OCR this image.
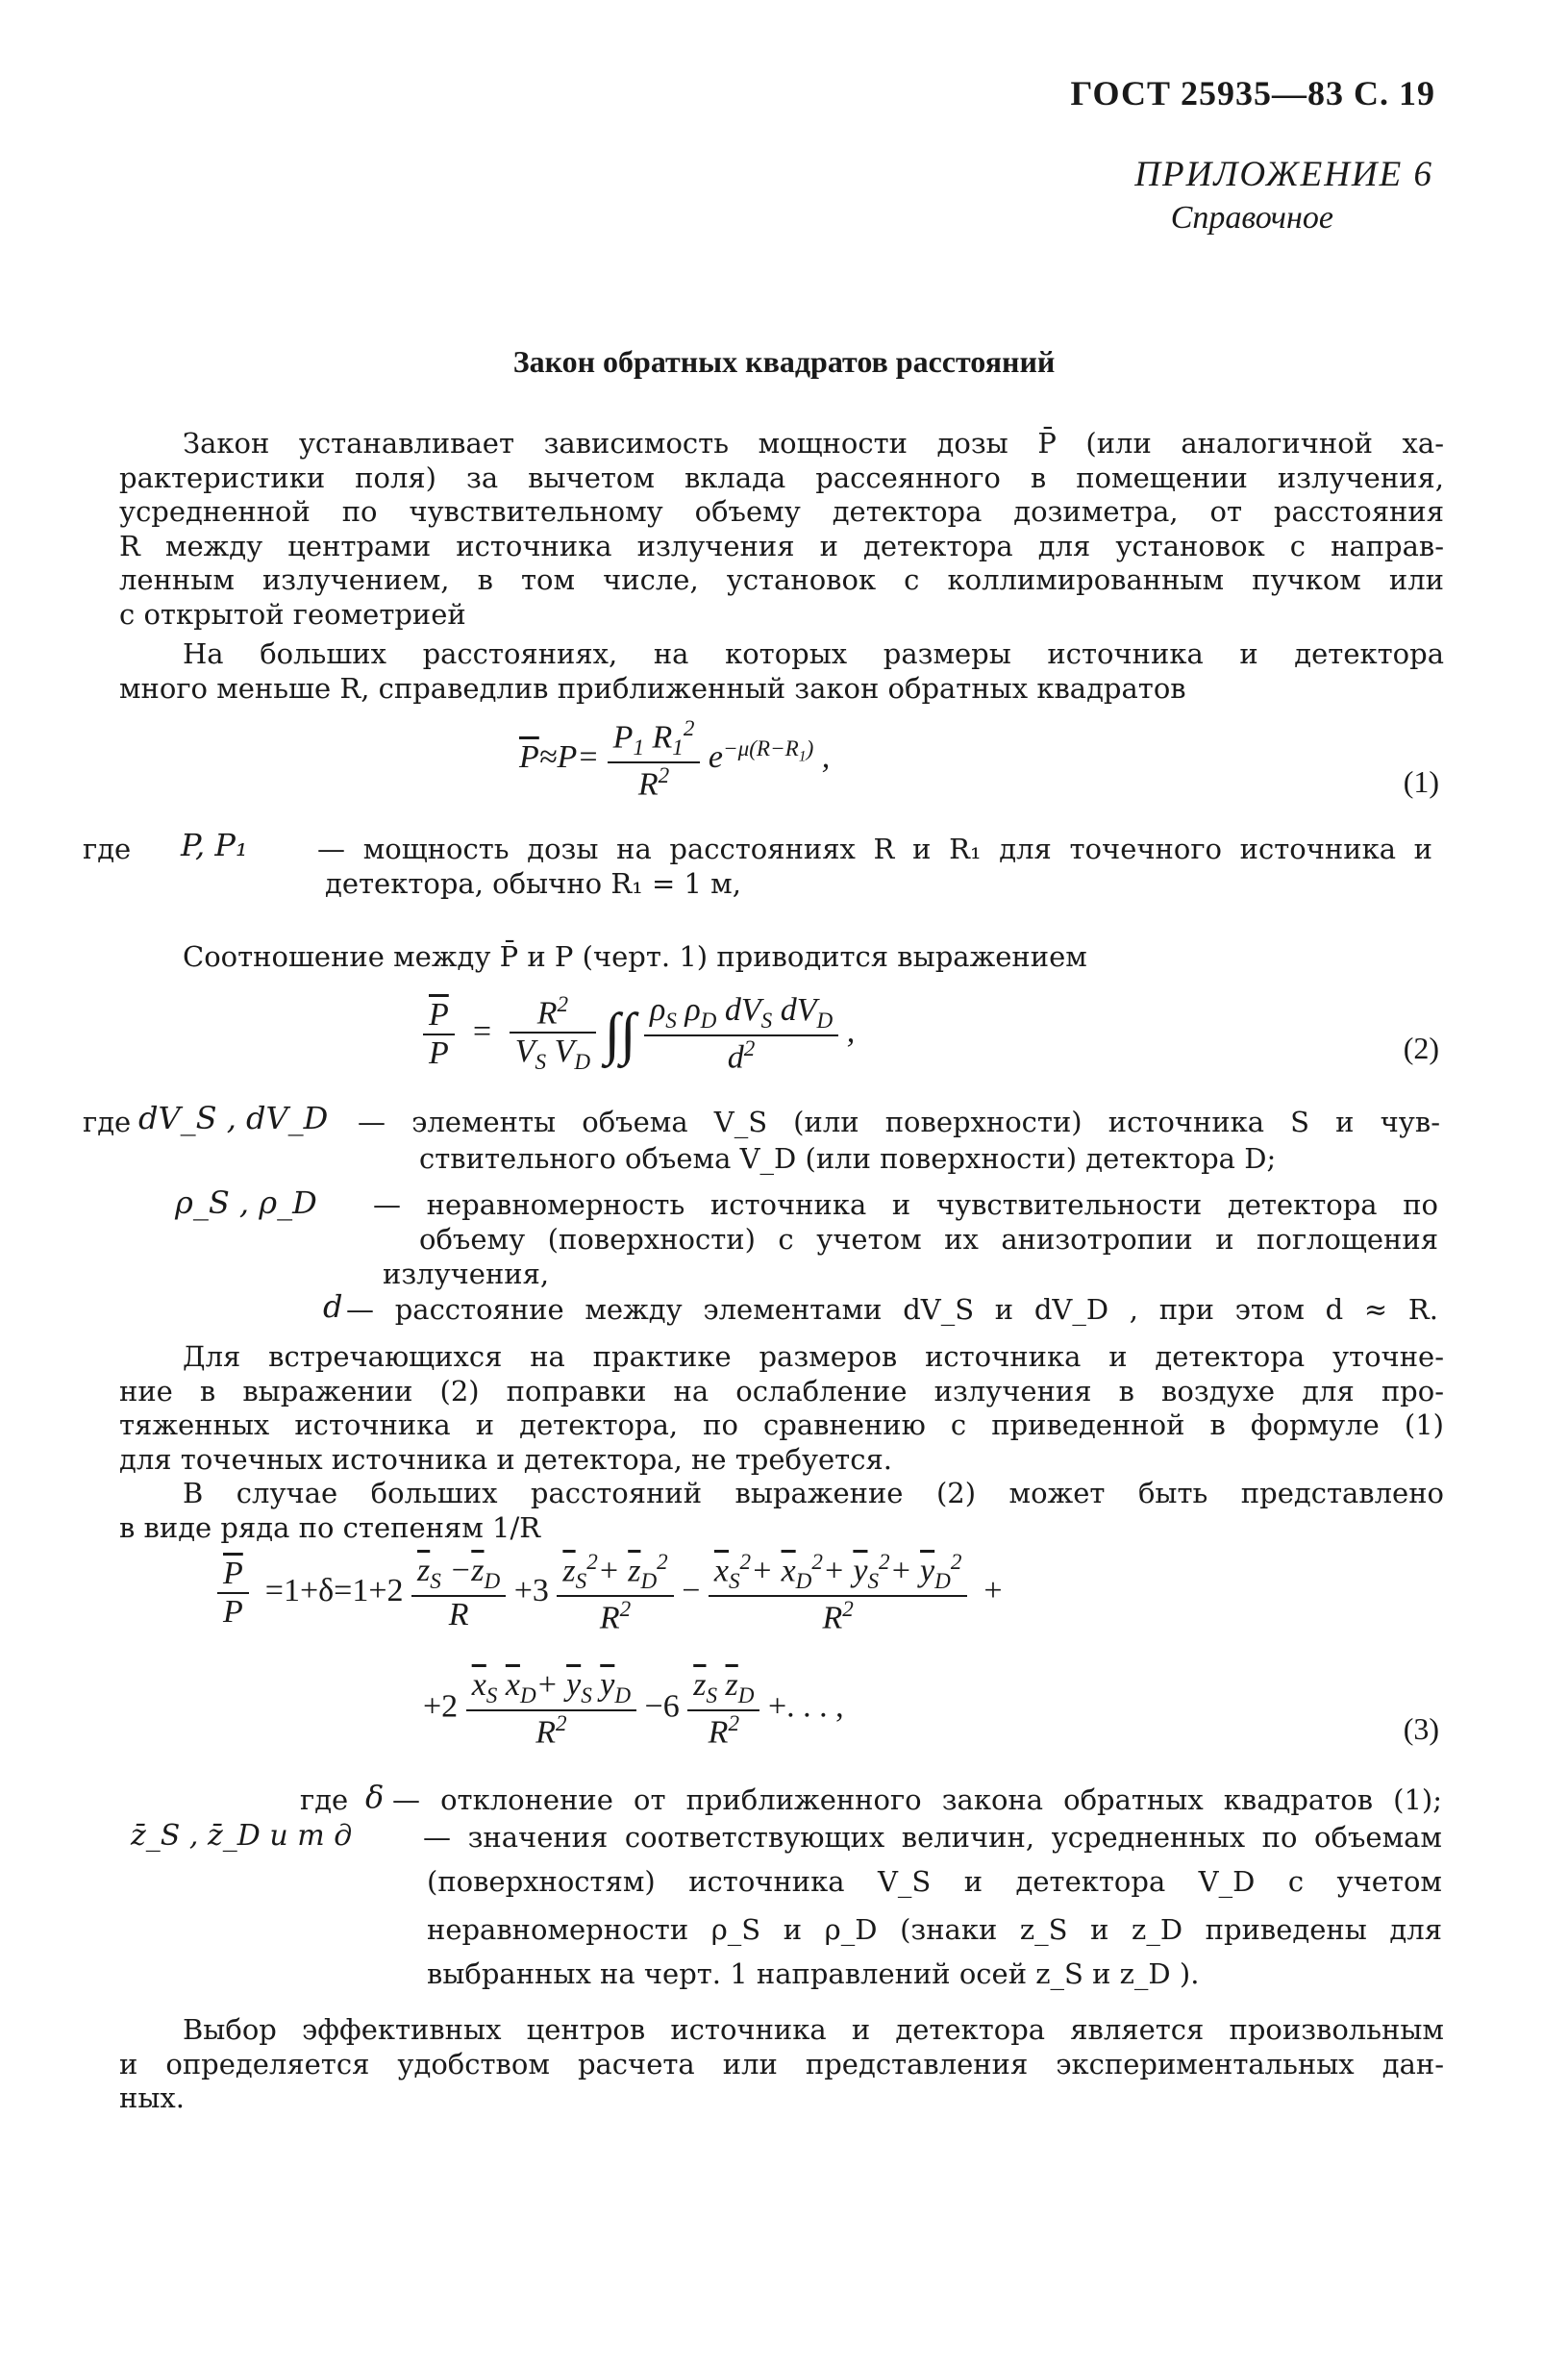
ГОСТ 25935—83 С. 19
ПРИЛОЖЕНИЕ 6
Справочное
Закон обратных квадратов расстояний
Закон устанавливает зависимость мощности дозы P̄ (или аналогичной ха-
рактеристики поля) за вычетом вклада рассеянного в помещении излучения,
усредненной по чувствительному объему детектора дозиметра, от расстояния
R между центрами источника излучения и детектора для установок с направ-
ленным излучением, в том числе, установок с коллимированным пучком или
с открытой геометрией
На больших расстояниях, на которых размеры источника и детектора
много меньше R, справедлив приближенный закон обратных квадратов
$\overline{P}\approx P= \frac{P_1 R_1^2}{R^2} e^{-\mu(R-R_1)}$ ,
(1)
где P, P₁ — мощность дозы на расстояниях R и R₁ для точечного источника и
детектора, обычно R₁ = 1 м,
Соотношение между P̄ и P (черт. 1) приводится выражением
$\frac{\overline{P}}{P} = \frac{R^2}{V_S V_D}$ ∫∫ $\frac{\rho_S \rho_D dV_S dV_D}{d^2}$ ,	(2)
где dV_S , dV_D — элементы объема V_S (или поверхности) источника S и чув-
ствительного объема V_D (или поверхности) детектора D;
ρ_S , ρ_D — неравномерность источника и чувствительности детектора по
объему (поверхности) с учетом их анизотропии и поглощения
излучения,
d — расстояние между элементами dV_S и dV_D , при этом d ≈ R.
Для встречающихся на практике размеров источника и детектора уточне-
ние в выражении (2) поправки на ослабление излучения в воздухе для про-
тяженных источника и детектора, по сравнению с приведенной в формуле (1)
для точечных источника и детектора, не требуется.
В случае больших расстояний выражение (2) может быть представлено
в виде ряда по степеням 1/R
$\frac{\overline{P}}{P} =1+\delta=1+2 \frac{\overline{z}_S -\overline{z}_D}{R} +3 \frac{\overline{z}_S^2+ \overline{z}_D^2}{R^2} - \frac{\overline{x}_S^2+ \overline{x}_D^2+ \overline{y}_S^2+ \overline{y}_D^2}{R^2}$ +
$+2 \frac{\overline{x}_S \overline{x}_D+ \overline{y}_S \overline{y}_D}{R^2} -6 \frac{\overline{z}_S \overline{z}_D}{R^2}$ +. . . ,
(3)
где δ — отклонение от приближенного закона обратных квадратов (1);
z̄_S , z̄_D и т д	— значения соответствующих величин, усредненных по объемам
(поверхностям) источника V_S и детектора V_D с учетом
неравномерности ρ_S и ρ_D (знаки z_S и z_D приведены для
выбранных на черт. 1 направлений осей z_S и z_D ).
Выбор эффективных центров источника и детектора является произвольным
и определяется удобством расчета или представления экспериментальных дан-
ных.
